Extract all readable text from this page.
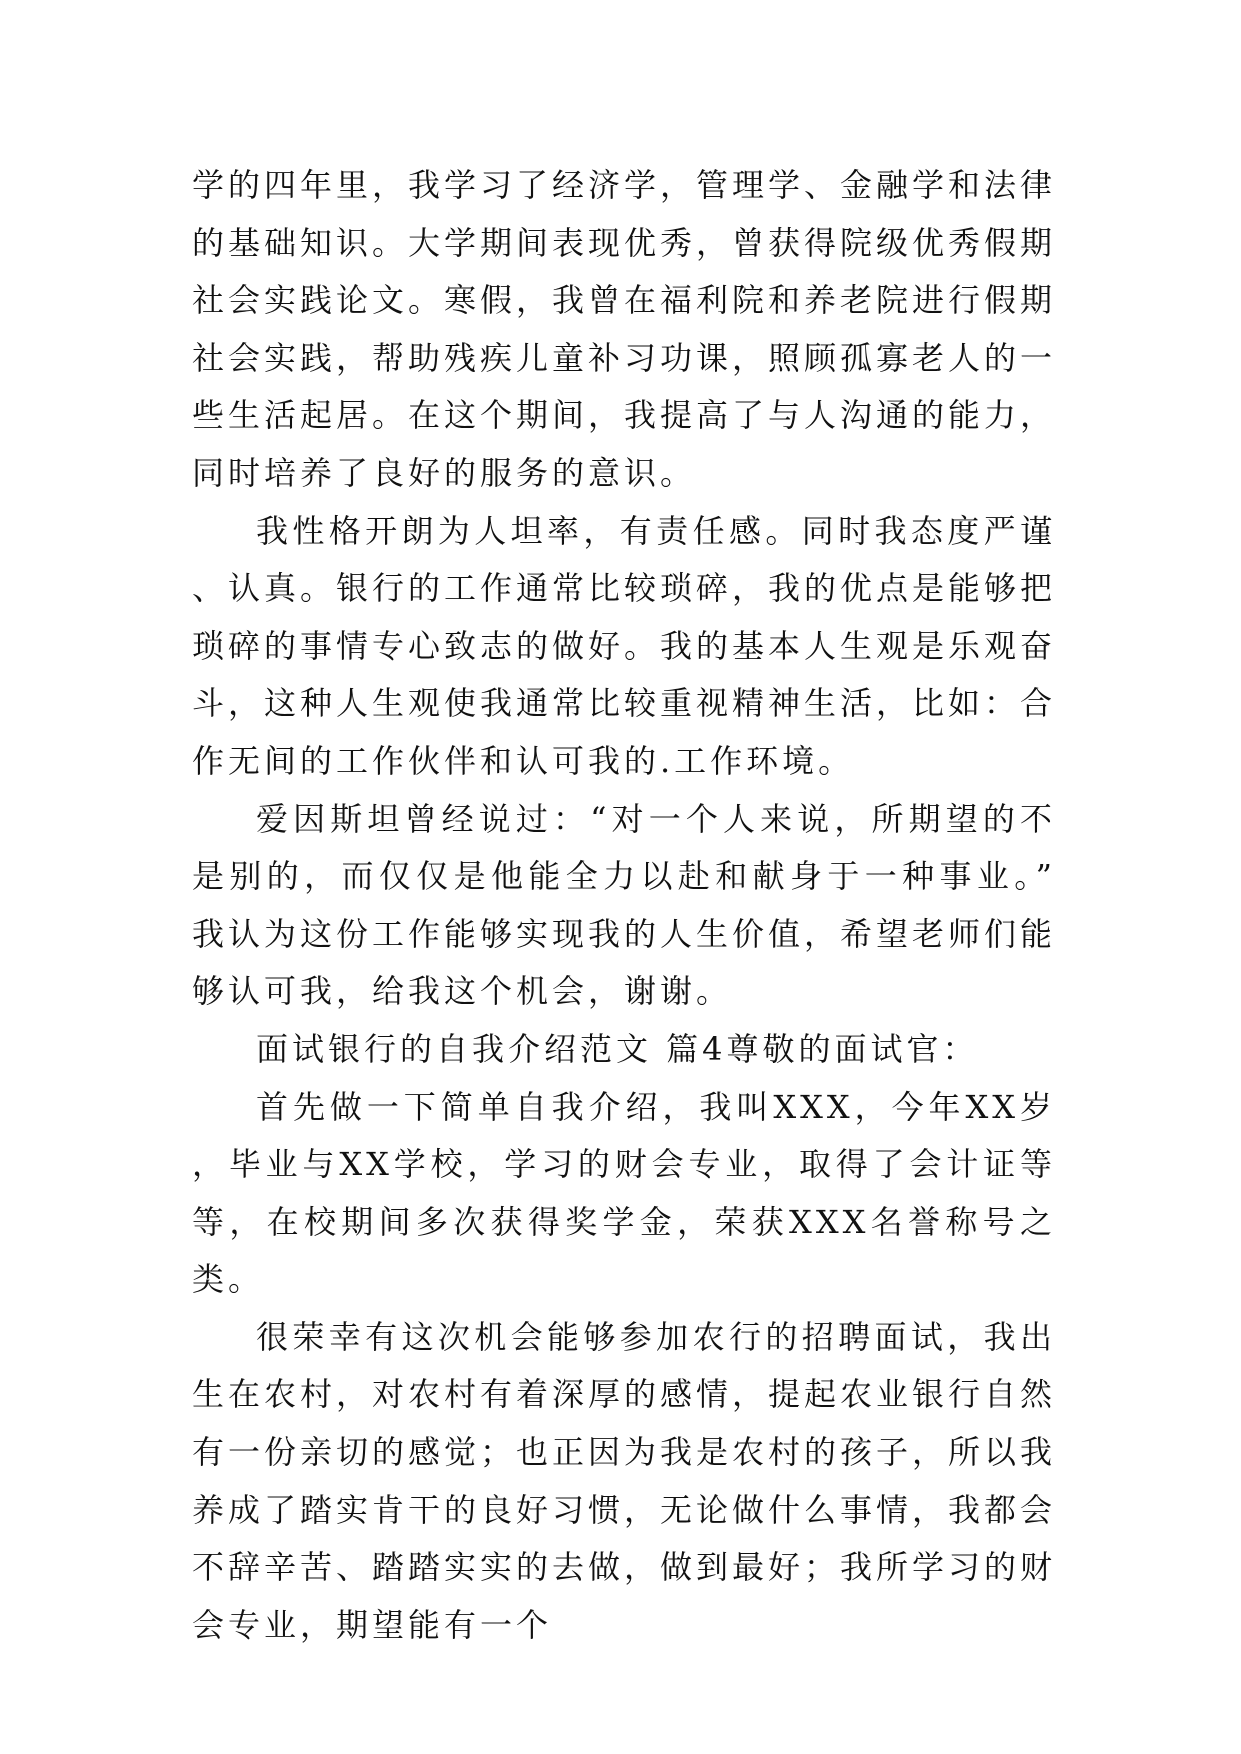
学的四年里，我学习了经济学，管理学、金融学和法律的基础知识。大学期间表现优秀，曾获得院级优秀假期社会实践论文。寒假，我曾在福利院和养老院进行假期社会实践，帮助残疾儿童补习功课，照顾孤寡老人的一些生活起居。在这个期间，我提高了与人沟通的能力，同时培养了良好的服务的意识。

我性格开朗为人坦率，有责任感。同时我态度严谨、认真。银行的工作通常比较琐碎，我的优点是能够把琐碎的事情专心致志的做好。我的基本人生观是乐观奋斗，这种人生观使我通常比较重视精神生活，比如：合作无间的工作伙伴和认可我的.工作环境。

爱因斯坦曾经说过：“对一个人来说，所期望的不是别的，而仅仅是他能全力以赴和献身于一种事业。”我认为这份工作能够实现我的人生价值，希望老师们能够认可我，给我这个机会，谢谢。

面试银行的自我介绍范文 篇4尊敬的面试官：

首先做一下简单自我介绍，我叫XXX，今年XX岁，毕业与XX学校，学习的财会专业，取得了会计证等等，在校期间多次获得奖学金，荣获XXX名誉称号之类。

很荣幸有这次机会能够参加农行的招聘面试，我出生在农村，对农村有着深厚的感情，提起农业银行自然有一份亲切的感觉；也正因为我是农村的孩子，所以我养成了踏实肯干的良好习惯，无论做什么事情，我都会不辞辛苦、踏踏实实的去做，做到最好；我所学习的财会专业，期望能有一个
